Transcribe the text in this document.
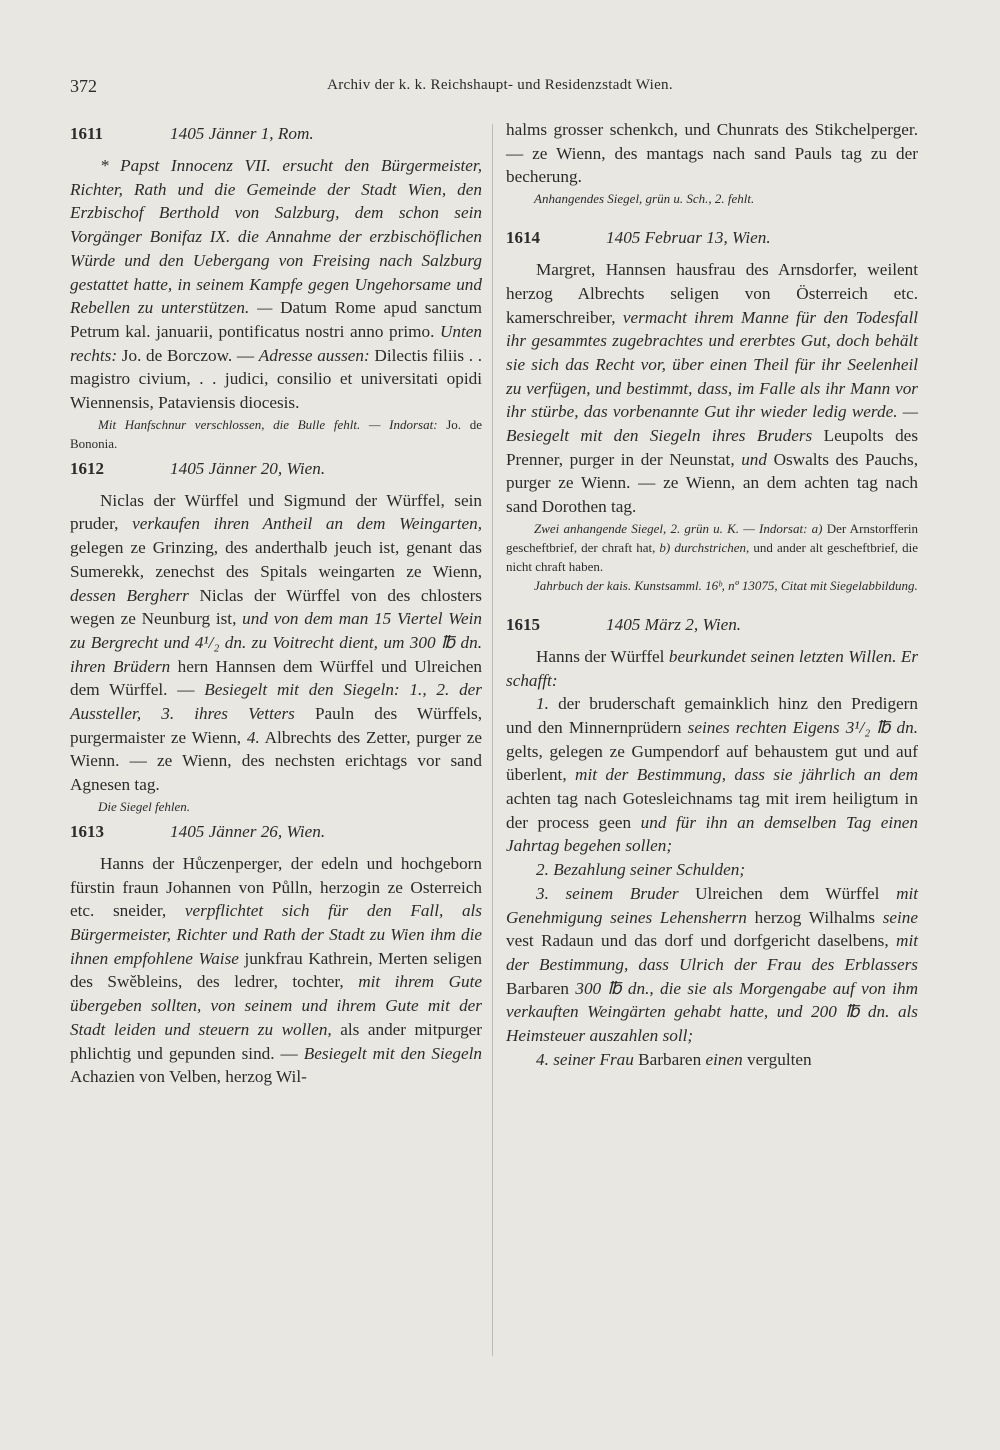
372	Archiv der k. k. Reichshaupt- und Residenzstadt Wien.
1611	1405 Jänner 1, Rom.

* Papst Innocenz VII. ersucht den Bürgermeister, Richter, Rath und die Gemeinde der Stadt Wien, den Erzbischof Berthold von Salzburg, dem schon sein Vorgänger Bonifaz IX. die Annahme der erzbischöflichen Würde und den Uebergang von Freising nach Salzburg gestattet hatte, in seinem Kampfe gegen Ungehorsame und Rebellen zu unterstützen. — Datum Rome apud sanctum Petrum kal. januarii, pontificatus nostri anno primo. Unten rechts: Jo. de Borczow. — Adresse aussen: Dilectis filiis . . magistro civium, . . judici, consilio et universitati opidi Wiennensis, Pataviensis diocesis.

Mit Hanfschnur verschlossen, die Bulle fehlt. — Indorsat: Jo. de Bononia.

1612	1405 Jänner 20, Wien.

Niclas der Würffel und Sigmund der Würffel, sein pruder, verkaufen ihren Antheil an dem Weingarten, gelegen ze Grinzing, des anderthalb jeuch ist, genant das Sumerekk, zenechst des Spitals weingarten ze Wienn, dessen Bergherr Niclas der Würffel von des chlosters wegen ze Neunburg ist, und von dem man 15 Viertel Wein zu Bergrecht und 4¹/₂ dn. zu Voitrecht dient, um 300 ℔ dn. ihren Brüdern hern Hannsen dem Würffel und Ulreichen dem Würffel. — Besiegelt mit den Siegeln: 1., 2. der Aussteller, 3. ihres Vetters Pauln des Würffels, purgermaister ze Wienn, 4. Albrechts des Zetter, purger ze Wienn. — ze Wienn, des nechsten erichtags vor sand Agnesen tag.

Die Siegel fehlen.

1613	1405 Jänner 26, Wien.

Hanns der Hůczenperger, der edeln und hochgeborn fürstin fraun Johannen von Půlln, herzogin ze Osterreich etc. sneider, verpflichtet sich für den Fall, als Bürgermeister, Richter und Rath der Stadt zu Wien ihm die ihnen empfohlene Waise junkfrau Kathrein, Merten seligen des Swěbleins, des ledrer, tochter, mit ihrem Gute übergeben sollten, von seinem und ihrem Gute mit der Stadt leiden und steuern zu wollen, als ander mitpurger phlichtig und gepunden sind. — Besiegelt mit den Siegeln Achazien von Velben, herzog Wil-

halms grosser schenkch, und Chunrats des Stikchelperger. — ze Wienn, des mantags nach sand Pauls tag zu der becherung.

Anhangendes Siegel, grün u. Sch., 2. fehlt.

1614	1405 Februar 13, Wien.

Margret, Hannsen hausfrau des Arnsdorfer, weilent herzog Albrechts seligen von Österreich etc. kamerschreiber, vermacht ihrem Manne für den Todesfall ihr gesammtes zugebrachtes und ererbtes Gut, doch behält sie sich das Recht vor, über einen Theil für ihr Seelenheil zu verfügen, und bestimmt, dass, im Falle als ihr Mann vor ihr stürbe, das vorbenannte Gut ihr wieder ledig werde. — Besiegelt mit den Siegeln ihres Bruders Leupolts des Prenner, purger in der Neunstat, und Oswalts des Pauchs, purger ze Wienn. — ze Wienn, an dem achten tag nach sand Dorothen tag.

Zwei anhangende Siegel, 2. grün u. K. — Indorsat: a) Der Arnstorfferin gescheftbrief, der chraft hat, b) durchstrichen, und ander alt gescheftbrief, die nicht chraft haben.

Jahrbuch der kais. Kunstsamml. 16ᵇ, nº 13075, Citat mit Siegelabbildung.

1615	1405 März 2, Wien.

Hanns der Würffel beurkundet seinen letzten Willen. Er schafft:

1. der bruderschaft gemainklich hinz den Predigern und den Minnernprüdern seines rechten Eigens 3¹/₂ ℔ dn. gelts, gelegen ze Gumpendorf auf behaustem gut und auf überlent, mit der Bestimmung, dass sie jährlich an dem achten tag nach Gotesleichnams tag mit irem heiligtum in der process geen und für ihn an demselben Tag einen Jahrtag begehen sollen;

2. Bezahlung seiner Schulden;

3. seinem Bruder Ulreichen dem Würffel mit Genehmigung seines Lehensherrn herzog Wilhalms seine vest Radaun und das dorf und dorfgericht daselbens, mit der Bestimmung, dass Ulrich der Frau des Erblassers Barbaren 300 ℔ dn., die sie als Morgengabe auf von ihm verkauften Weingärten gehabt hatte, und 200 ℔ dn. als Heimsteuer auszahlen soll;

4. seiner Frau Barbaren einen vergulten
